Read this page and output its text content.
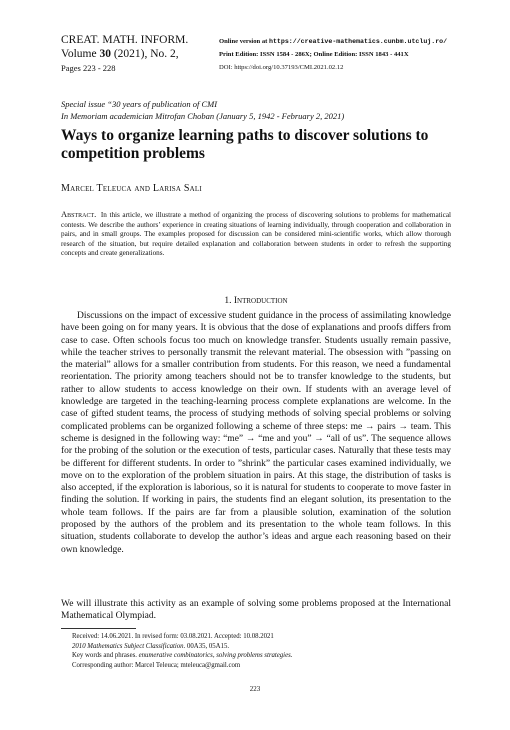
CREAT. MATH. INFORM.
Volume 30 (2021), No. 2,
Pages 223 - 228
Online version at https://creative-mathematics.cunbm.utcluj.ro/
Print Edition: ISSN 1584 - 286X; Online Edition: ISSN 1843 - 441X
DOI: https://doi.org/10.37193/CMI.2021.02.12
Special issue “30 years of publication of CMI
In Memoriam academician Mitrofan Choban (January 5, 1942 - February 2, 2021)
Ways to organize learning paths to discover solutions to competition problems
Marcel Teleuca and Larisa Sali

Abstract. In this article, we illustrate a method of organizing the process of discovering solutions to problems for mathematical contests. We describe the authors’ experience in creating situations of learning individually, through cooperation and collaboration in pairs, and in small groups. The examples proposed for discussion can be considered mini-scientific works, which allow thorough research of the situation, but require detailed explanation and collaboration between students in order to refresh the supporting concepts and create generalizations.

1. Introduction

Discussions on the impact of excessive student guidance in the process of assimilating knowledge have been going on for many years. It is obvious that the dose of explanations and proofs differs from case to case. Often schools focus too much on knowledge transfer. Students usually remain passive, while the teacher strives to personally transmit the relevant material. The obsession with ”passing on the material” allows for a smaller contribution from students. For this reason, we need a fundamental reorientation. The priority among teachers should not be to transfer knowledge to the students, but rather to allow students to access knowledge on their own. If students with an average level of knowledge are targeted in the teaching-learning process complete explanations are welcome. In the case of gifted student teams, the process of studying methods of solving special problems or solving complicated problems can be organized following a scheme of three steps: me → pairs → team. This scheme is designed in the following way: “me” → “me and you” → “all of us”. The sequence allows for the probing of the solution or the execution of tests, particular cases. Naturally that these tests may be different for different students. In order to ”shrink” the particular cases examined individually, we move on to the exploration of the problem situation in pairs. At this stage, the distribution of tasks is also accepted, if the exploration is laborious, so it is natural for students to cooperate to move faster in finding the solution. If working in pairs, the students find an elegant solution, its presentation to the whole team follows. If the pairs are far from a plausible solution, examination of the solution proposed by the authors of the problem and its presentation to the whole team follows. In this situation, students collaborate to develop the author’s ideas and argue each reasoning based on their own knowledge.

We will illustrate this activity as an example of solving some problems proposed at the International Mathematical Olympiad.

Received: 14.06.2021. In revised form: 03.08.2021. Accepted: 10.08.2021
2010 Mathematics Subject Classification. 00A35, 05A15.
Key words and phrases. enumerative combinatorics, solving problems strategies.
Corresponding author: Marcel Teleuca; mteleuca@gmail.com
223
